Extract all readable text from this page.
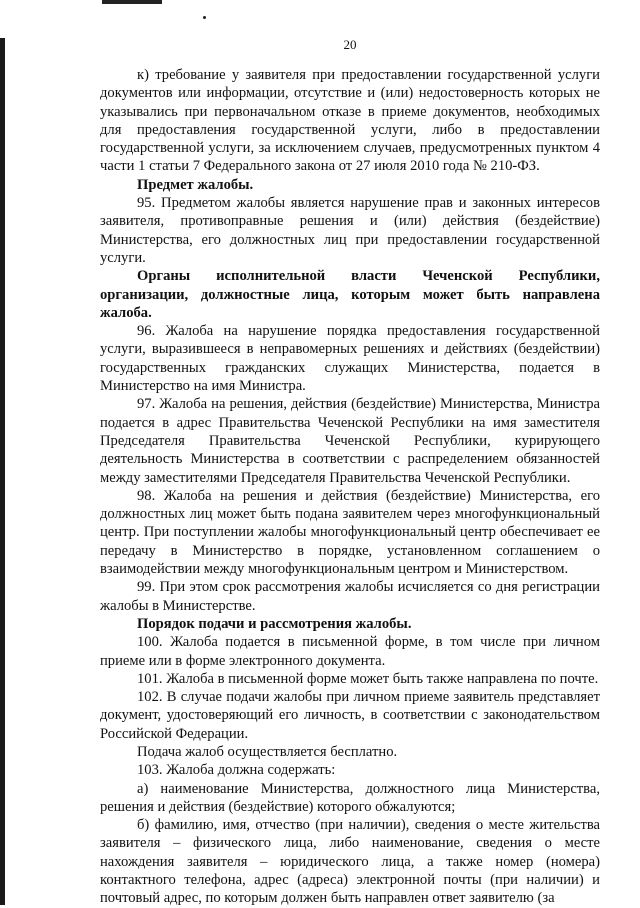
20

к) требование у заявителя при предоставлении государственной услуги документов или информации, отсутствие и (или) недостоверность которых не указывались при первоначальном отказе в приеме документов, необходимых для предоставления государственной услуги, либо в предоставлении государственной услуги, за исключением случаев, предусмотренных пунктом 4 части 1 статьи 7 Федерального закона от 27 июля 2010 года № 210-ФЗ.

Предмет жалобы.

95. Предметом жалобы является нарушение прав и законных интересов заявителя, противоправные решения и (или) действия (бездействие) Министерства, его должностных лиц при предоставлении государственной услуги.

Органы исполнительной власти Чеченской Республики, организации, должностные лица, которым может быть направлена жалоба.

96. Жалоба на нарушение порядка предоставления государственной услуги, выразившееся в неправомерных решениях и действиях (бездействии) государственных гражданских служащих Министерства, подается в Министерство на имя Министра.

97. Жалоба на решения, действия (бездействие) Министерства, Министра подается в адрес Правительства Чеченской Республики на имя заместителя Председателя Правительства Чеченской Республики, курирующего деятельность Министерства в соответствии с распределением обязанностей между заместителями Председателя Правительства Чеченской Республики.

98. Жалоба на решения и действия (бездействие) Министерства, его должностных лиц может быть подана заявителем через многофункциональный центр. При поступлении жалобы многофункциональный центр обеспечивает ее передачу в Министерство в порядке, установленном соглашением о взаимодействии между многофункциональным центром и Министерством.

99. При этом срок рассмотрения жалобы исчисляется со дня регистрации жалобы в Министерстве.

Порядок подачи и рассмотрения жалобы.

100. Жалоба подается в письменной форме, в том числе при личном приеме или в форме электронного документа.

101. Жалоба в письменной форме может быть также направлена по почте.

102. В случае подачи жалобы при личном приеме заявитель представляет документ, удостоверяющий его личность, в соответствии с законодательством Российской Федерации.

Подача жалоб осуществляется бесплатно.

103. Жалоба должна содержать:

а) наименование Министерства, должностного лица Министерства, решения и действия (бездействие) которого обжалуются;

б) фамилию, имя, отчество (при наличии), сведения о месте жительства заявителя – физического лица, либо наименование, сведения о месте нахождения заявителя – юридического лица, а также номер (номера) контактного телефона, адрес (адреса) электронной почты (при наличии) и почтовый адрес, по которым должен быть направлен ответ заявителю (за
